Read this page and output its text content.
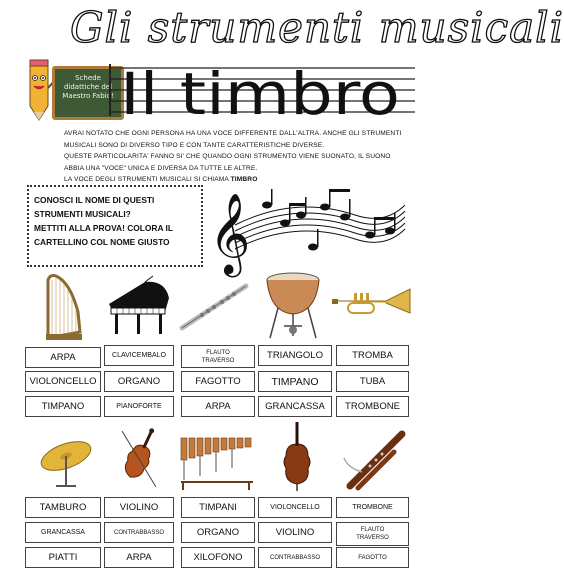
Gli strumenti musicali
Schede didattiche del Maestro Fabio! Il timbro

AVRAI NOTATO CHE OGNI PERSONA HA UNA VOCE DIFFERENTE DALL'ALTRA. ANCHE GLI STRUMENTI

MUSICALI SONO DI DIVERSO TIPO E CON TANTE CARATTERISTICHE DIVERSE.

QUESTE PARTICOLARITA' FANNO SI' CHE QUANDO OGNI STRUMENTO VIENE SUONATO, IL SUONO

ABBIA UNA "VOCE" UNICA E DIVERSA DA TUTTE LE ALTRE.

LA VOCE DEGLI STRUMENTI MUSICALI SI CHIAMA TIMBRO

CONOSCI IL NOME DI QUESTI
STRUMENTI MUSICALI?
METTITI ALLA PROVA! COLORA IL
CARTELLINO COL NOME GIUSTO 𝄞
ARPA
VIOLONCELLO
TIMPANO
CLAVICEMBALO
ORGANO
PIANOFORTE
FLAUTO TRAVERSO
FAGOTTO
ARPA
TRIANGOLO
TIMPANO
GRANCASSA
TROMBA
TUBA
TROMBONE
TAMBURO
GRANCASSA
PIATTI
VIOLINO
CONTRABBASSO
ARPA
TIMPANI
ORGANO
XILOFONO
VIOLONCELLO
VIOLINO
CONTRABBASSO
TROMBONE
FLAUTO TRAVERSO
FAGOTTO
